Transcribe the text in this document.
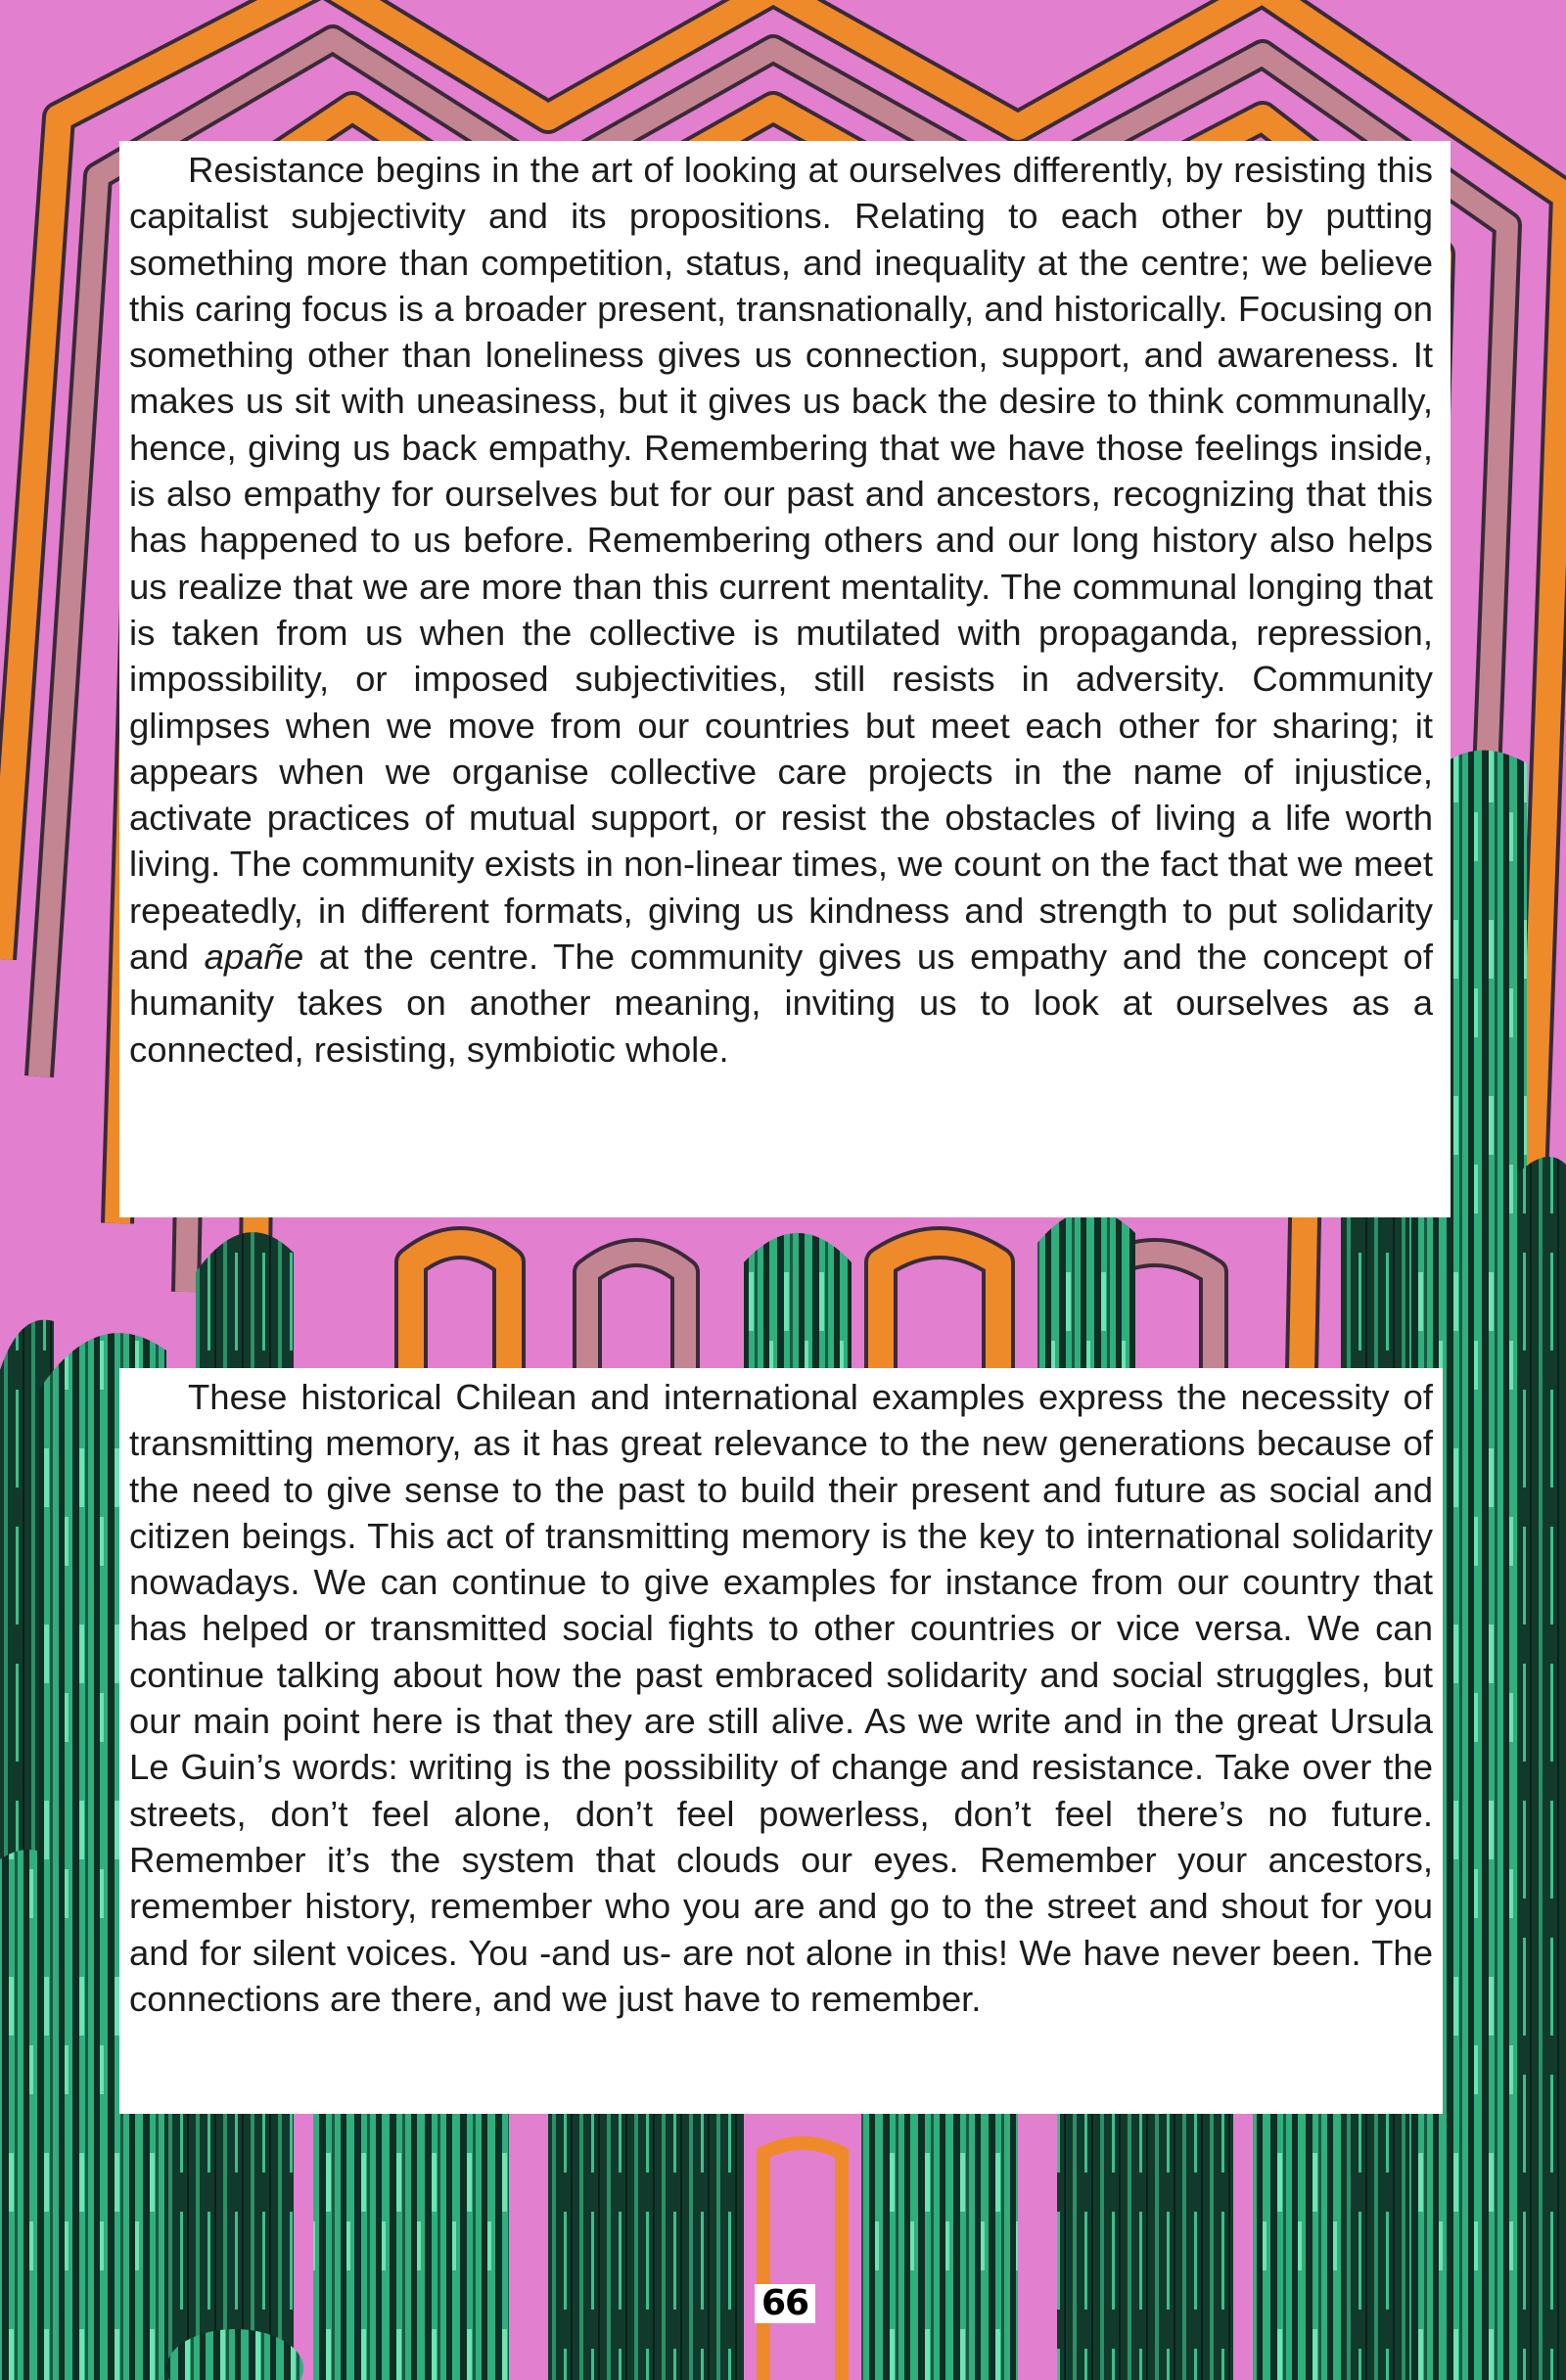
Resistance begins in the art of looking at ourselves differently, by resisting this capitalist subjectivity and its propositions. Relating to each other by putting something more than competition, status, and inequality at the centre; we believe this caring focus is a broader present, transnationally, and historically. Focusing on something other than loneliness gives us connection, support, and awareness. It makes us sit with uneasiness, but it gives us back the desire to think communally, hence, giving us back empathy. Remembering that we have those feelings inside, is also empathy for ourselves but for our past and ancestors, recognizing that this has happened to us before. Remembering others and our long history also helps us realize that we are more than this current mentality. The communal longing that is taken from us when the collective is mutilated with propaganda, repression, impossibility, or imposed subjectivities, still resists in adversity. Community glimpses when we move from our countries but meet each other for sharing; it appears when we organise collective care projects in the name of injustice, activate practices of mutual support, or resist the obstacles of living a life worth living. The community exists in non-linear times, we count on the fact that we meet repeatedly, in different formats, giving us kindness and strength to put solidarity and apañe at the centre. The community gives us empathy and the concept of humanity takes on another meaning, inviting us to look at ourselves as a connected, resisting, symbiotic whole.

These historical Chilean and international examples express the necessity of transmitting memory, as it has great relevance to the new generations because of the need to give sense to the past to build their present and future as social and citizen beings. This act of transmitting memory is the key to international solidarity nowadays. We can continue to give examples for instance from our country that has helped or transmitted social fights to other countries or vice versa. We can continue talking about how the past embraced solidarity and social struggles, but our main point here is that they are still alive. As we write and in the great Ursula Le Guin’s words: writing is the possibility of change and resistance. Take over the streets, don’t feel alone, don’t feel powerless, don’t feel there’s no future. Remember it’s the system that clouds our eyes. Remember your ancestors, remember history, remember who you are and go to the street and shout for you and for silent voices. You -and us- are not alone in this! We have never been. The connections are there, and we just have to remember.

66
